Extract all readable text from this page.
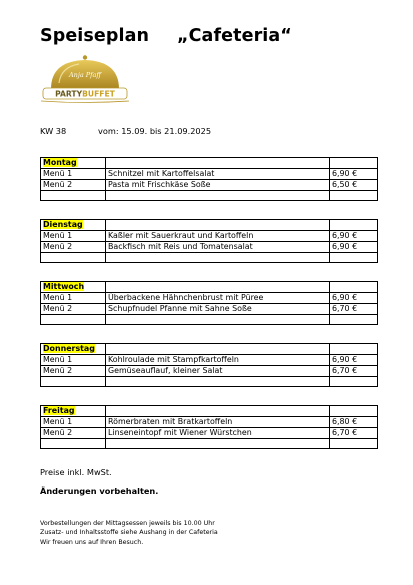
Speiseplan „Cafeteria“
Anja Pfaff
PARTYBUFFET
KW 38	vom: 15.09. bis 21.09.2025
Montag		
Menü 1	Schnitzel mit Kartoffelsalat	6,90 €
Menü 2	Pasta mit Frischkäse Soße	6,50 €

Dienstag		
Menü 1	Kaßler mit Sauerkraut und Kartoffeln	6,90 €
Menü 2	Backfisch mit Reis und Tomatensalat	6,90 €

Mittwoch		
Menü 1	Überbackene Hähnchenbrust mit Püree	6,90 €
Menü 2	Schupfnudel Pfanne mit Sahne Soße	6,70 €

Donnerstag		
Menü 1	Kohlroulade mit Stampfkartoffeln	6,90 €
Menü 2	Gemüseauflauf, kleiner Salat	6,70 €

Freitag		
Menü 1	Römerbraten mit Bratkartoffeln	6,80 €
Menü 2	Linseneintopf mit Wiener Würstchen	6,70 €

Preise inkl. MwSt.
Änderungen vorbehalten.
Vorbestellungen der Mittagsessen jeweils bis 10.00 Uhr
Zusatz- und Inhaltsstoffe siehe Aushang in der Cafeteria
Wir freuen uns auf Ihren Besuch.
